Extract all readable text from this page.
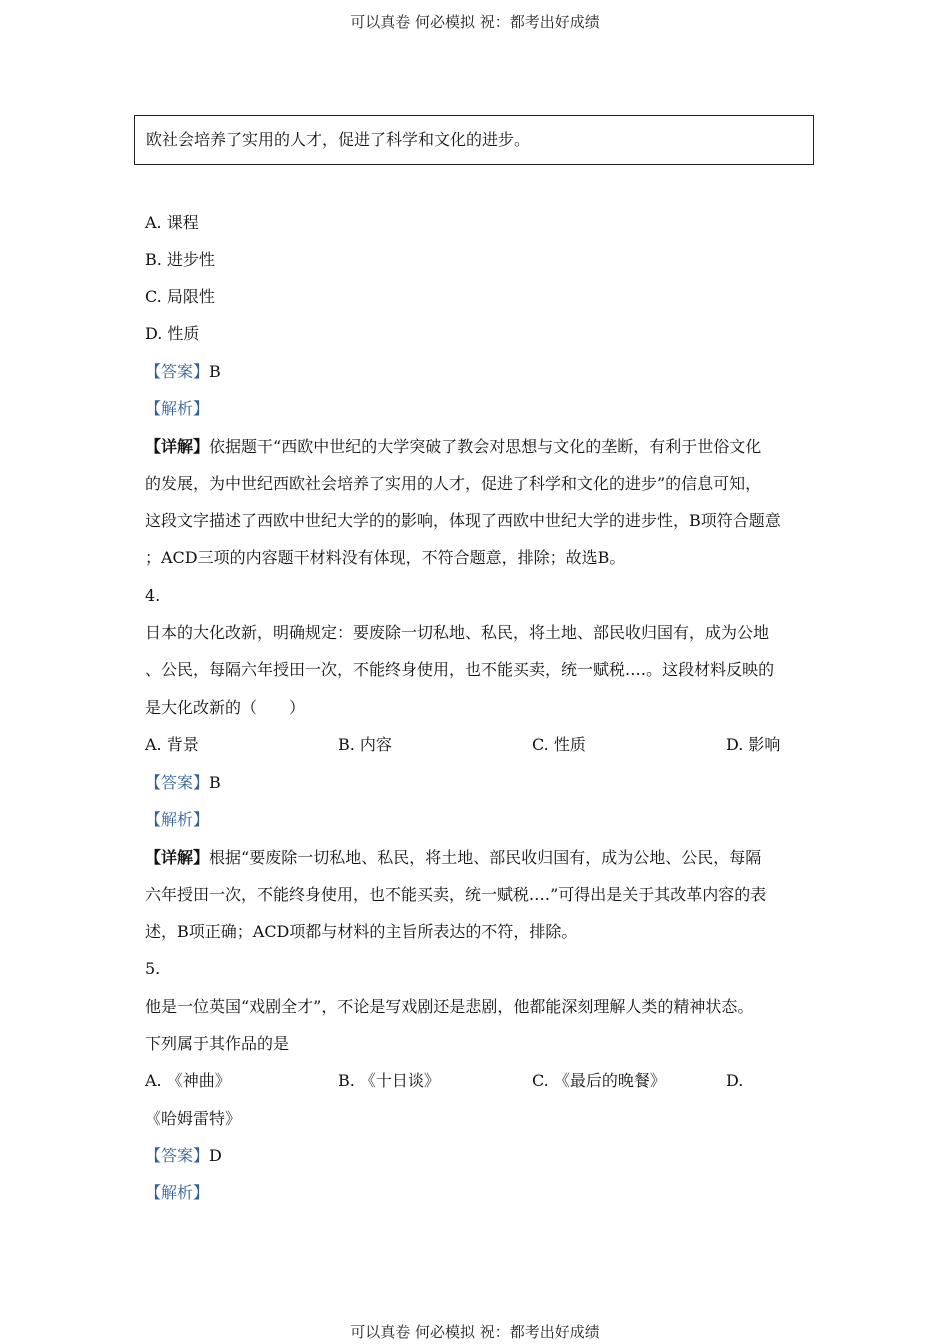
可以真卷 何必模拟 祝：都考出好成绩
欧社会培养了实用的人才，促进了科学和文化的进步。
A. 课程
B. 进步性
C. 局限性
D. 性质
【答案】B
【解析】
【详解】依据题干“西欧中世纪的大学突破了教会对思想与文化的垄断，有利于世俗文化
的发展，为中世纪西欧社会培养了实用的人才，促进了科学和文化的进步”的信息可知，
这段文字描述了西欧中世纪大学的的影响，体现了西欧中世纪大学的进步性，B项符合题意
；ACD三项的内容题干材料没有体现，不符合题意，排除；故选B。
4.
日本的大化改新，明确规定：要废除一切私地、私民，将土地、部民收归国有，成为公地
、公民，每隔六年授田一次，不能终身使用，也不能买卖，统一赋税.…。这段材料反映的
是大化改新的（　　）
A. 背景	B. 内容	C. 性质	D. 影响
【答案】B
【解析】
【详解】根据“要废除一切私地、私民，将土地、部民收归国有，成为公地、公民，每隔
六年授田一次，不能终身使用，也不能买卖，统一赋税.…”可得出是关于其改革内容的表
述，B项正确；ACD项都与材料的主旨所表达的不符，排除。
5.
他是一位英国“戏剧全才”，不论是写戏剧还是悲剧，他都能深刻理解人类的精神状态。
下列属于其作品的是
A. 《神曲》	B. 《十日谈》	C. 《最后的晚餐》	D.
《哈姆雷特》
【答案】D
【解析】
可以真卷 何必模拟 祝：都考出好成绩
